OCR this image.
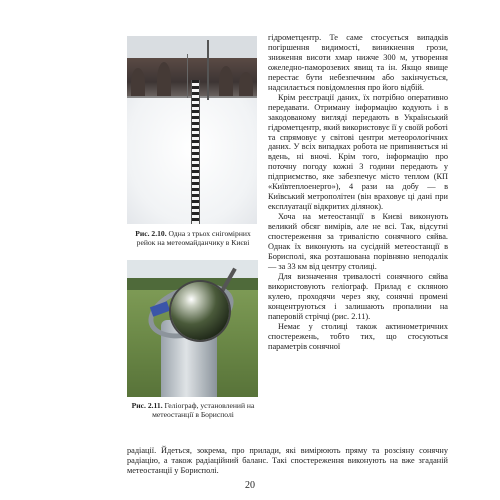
Рис. 2.10. Одна з трьох снігомірних рейок на метеомайданчику в Києві
Рис. 2.11. Геліограф, установлений на метеостанції в Борисполі

гідрометцентр. Те саме стосується випадків погіршення видимості, виникнення грози, зниження висоти хмар нижче 300 м, утворення ожеледно-паморозевих явищ та ін. Якщо явище перестає бути небезпечним або закінчується, надсилається повідомлення про його відбій.

Крім реєстрації даних, їх потрібно оперативно передавати. Отриману інформацію кодують і в закодованому вигляді передають в Український гідрометцентр, який використовує її у своїй роботі та спрямовує у світові центри метеорологічних даних. У всіх випадках робота не припиняється ні вдень, ні вночі. Крім того, інформацію про поточну погоду кожні 3 години передають у підприємство, яке забезпечує місто теплом (КП «Київтеплоенерго»), 4 рази на добу — в Київський метрополітен (він враховує ці дані при експлуатації відкритих ділянок).

Хоча на метеостанції в Києві виконують великий обсяг вимірів, але не всі. Так, відсутні спостереження за тривалістю сонячного сяйва. Однак їх виконують на сусідній метеостанції в Борисполі, яка розташована порівняно неподалік — за 33 км від центру столиці.

Для визначення тривалості сонячного сяйва використовують геліограф. Прилад є скляною кулею, проходячи через яку, сонячні промені концентруються і залишають пропалини на паперовій стрічці (рис. 2.11).

Немає у столиці також актинометричних спостережень, тобто тих, що стосуються параметрів сонячної

радіації. Йдеться, зокрема, про прилади, які вимірюють пряму та розсіяну сонячну радіацію, а також радіаційний баланс. Такі спостереження виконують на вже згаданій метеостанції у Борисполі.

20
